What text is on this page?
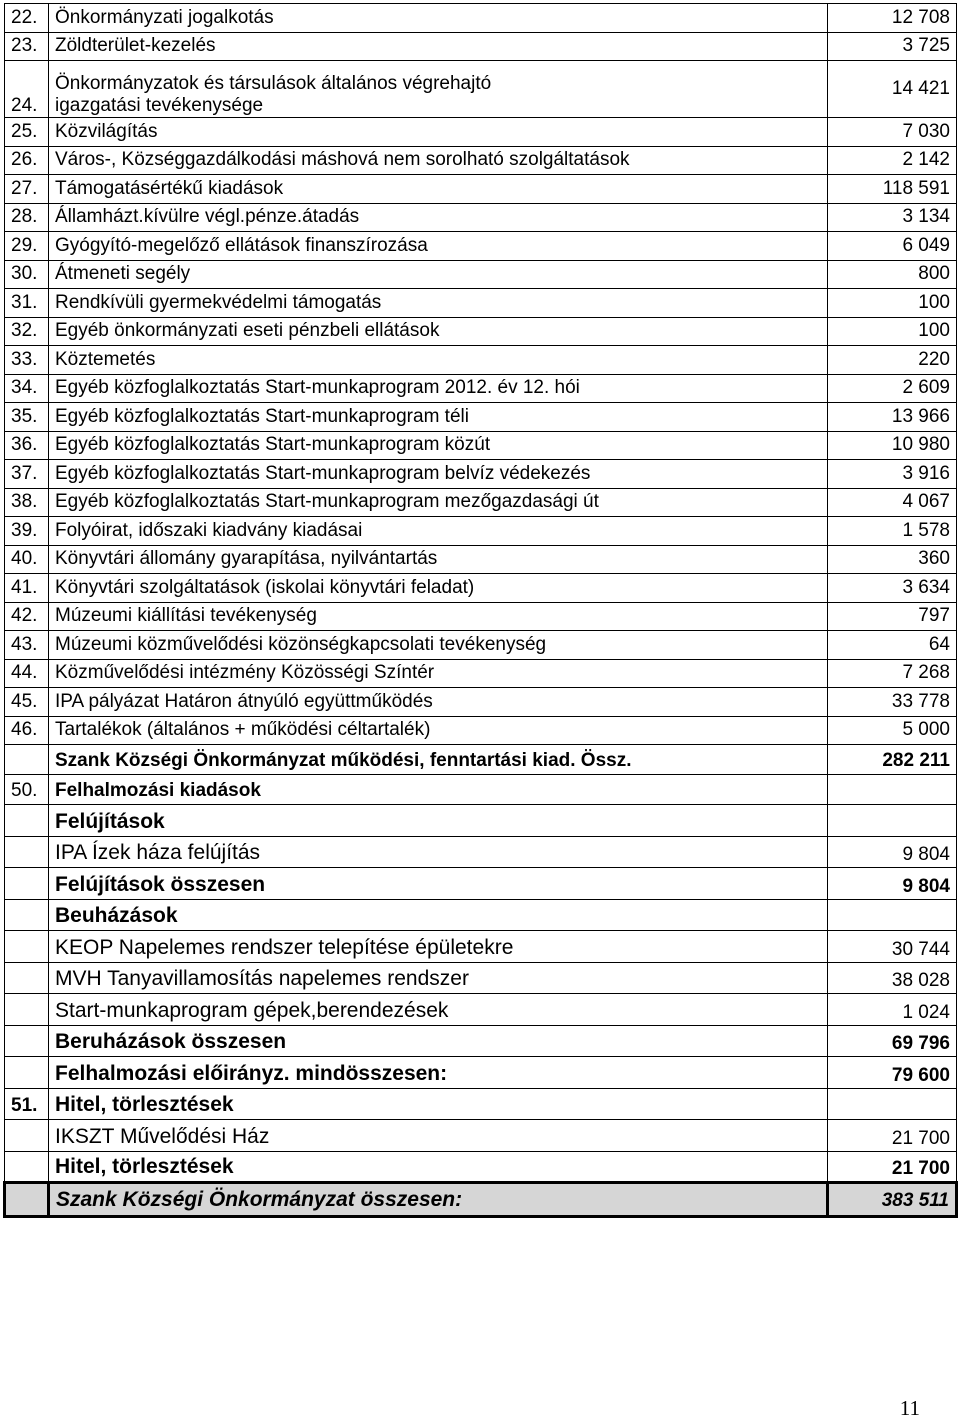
22.	Önkormányzati jogalkotás	12 708
23.	Zöldterület-kezelés	3 725
24.	Önkormányzatok és társulások általános végrehajtó igazgatási tevékenysége	14 421
25.	Közvilágítás	7 030
26.	Város-, Községgazdálkodási máshová nem sorolható szolgáltatások	2 142
27.	Támogatásértékű kiadások	118 591
28.	Államházt.kívülre végl.pénze.átadás	3 134
29.	Gyógyító-megelőző ellátások finanszírozása	6 049
30.	Átmeneti segély	800
31.	Rendkívüli gyermekvédelmi támogatás	100
32.	Egyéb önkormányzati eseti pénzbeli ellátások	100
33.	Köztemetés	220
34.	Egyéb közfoglalkoztatás Start-munkaprogram 2012. év 12. hói	2 609
35.	Egyéb közfoglalkoztatás Start-munkaprogram téli	13 966
36.	Egyéb közfoglalkoztatás Start-munkaprogram közút	10 980
37.	Egyéb közfoglalkoztatás Start-munkaprogram belvíz védekezés	3 916
38.	Egyéb közfoglalkoztatás Start-munkaprogram mezőgazdasági út	4 067
39.	Folyóirat, időszaki kiadvány kiadásai	1 578
40.	Könyvtári állomány gyarapítása, nyilvántartás	360
41.	Könyvtári szolgáltatások (iskolai könyvtári feladat)	3 634
42.	Múzeumi kiállítási tevékenység	797
43.	Múzeumi közművelődési közönségkapcsolati tevékenység	64
44.	Közművelődési intézmény Közösségi Színtér	7 268
45.	IPA pályázat Határon átnyúló együttműködés	33 778
46.	Tartalékok (általános + működési céltartalék)	5 000
	Szank Községi Önkormányzat működési, fenntartási kiad. Össz.	282 211
50.	Felhalmozási kiadások	
	Felújítások	
	IPA Ízek háza felújítás	9 804
	Felújítások összesen	9 804
	Beuházások	
	KEOP Napelemes rendszer telepítése épületekre	30 744
	MVH Tanyavillamosítás napelemes rendszer	38 028
	Start-munkaprogram gépek,berendezések	1 024
	Beruházások összesen	69 796
	Felhalmozási előirányz. mindösszesen:	79 600
51.	Hitel, törlesztések	
	IKSZT Művelődési Ház	21 700
	Hitel, törlesztések	21 700
	Szank Községi Önkormányzat összesen:	383 511
11
